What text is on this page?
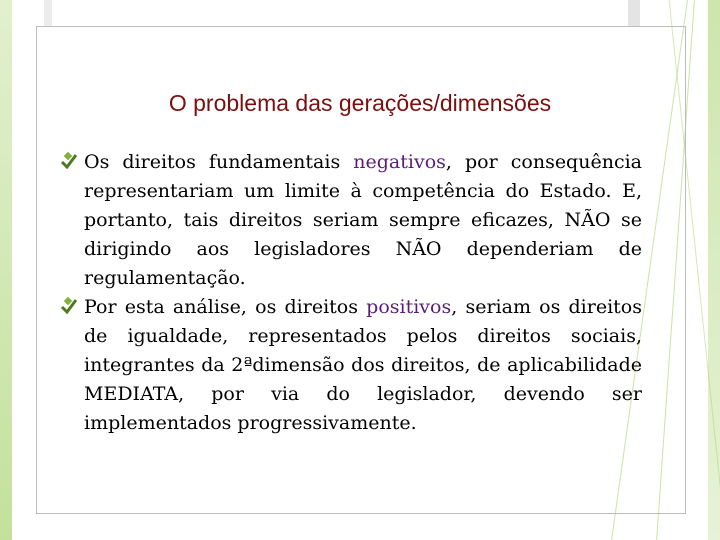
O problema das gerações/dimensões
Os direitos fundamentais negativos, por consequência representariam um limite à competência do Estado. E, portanto, tais direitos seriam sempre eficazes, NÃO se dirigindo aos legisladores NÃO dependeriam de regulamentação.
Por esta análise, os direitos positivos, seriam os direitos de igualdade, representados pelos direitos sociais, integrantes da 2ªdimensão dos direitos, de aplicabilidade MEDIATA, por via do legislador, devendo ser implementados progressivamente.
